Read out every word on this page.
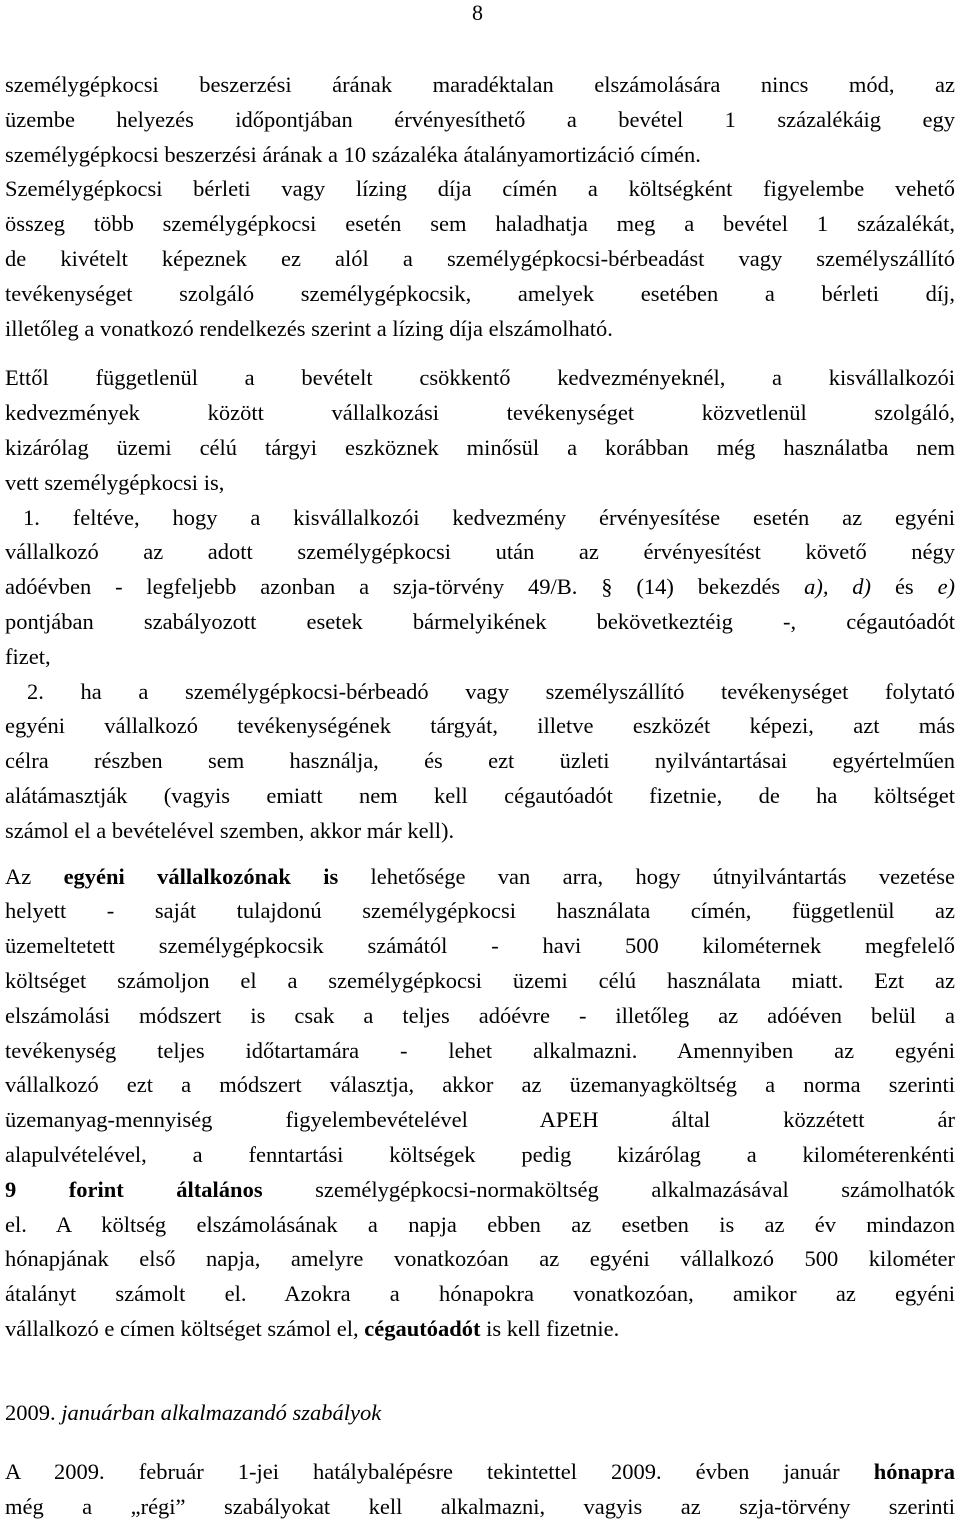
8

személygépkocsi beszerzési árának maradéktalan elszámolására nincs mód, az

üzembe helyezés időpontjában érvényesíthető a bevétel 1 százalékáig egy

személygépkocsi beszerzési árának a 10 százaléka átalányamortizáció címén.

Személygépkocsi bérleti vagy lízing díja címén a költségként figyelembe vehető

összeg több személygépkocsi esetén sem haladhatja meg a bevétel 1 százalékát,

de kivételt képeznek ez alól a személygépkocsi-bérbeadást vagy személyszállító

tevékenységet szolgáló személygépkocsik, amelyek esetében a bérleti díj,

illetőleg a vonatkozó rendelkezés szerint a lízing díja elszámolható.

Ettől függetlenül a bevételt csökkentő kedvezményeknél, a kisvállalkozói

kedvezmények között vállalkozási tevékenységet közvetlenül szolgáló,

kizárólag üzemi célú tárgyi eszköznek minősül a korábban még használatba nem

vett személygépkocsi is,

1. feltéve, hogy a kisvállalkozói kedvezmény érvényesítése esetén az egyéni

vállalkozó az adott személygépkocsi után az érvényesítést követő négy

adóévben - legfeljebb azonban a szja-törvény 49/B. § (14) bekezdés a), d) és e)

pontjában szabályozott esetek bármelyikének bekövetkeztéig -, cégautóadót

fizet,

2. ha a személygépkocsi-bérbeadó vagy személyszállító tevékenységet folytató

egyéni vállalkozó tevékenységének tárgyát, illetve eszközét képezi, azt más

célra részben sem használja, és ezt üzleti nyilvántartásai egyértelműen

alátámasztják (vagyis emiatt nem kell cégautóadót fizetnie, de ha költséget

számol el a bevételével szemben, akkor már kell).

Az egyéni vállalkozónak is lehetősége van arra, hogy útnyilvántartás vezetése

helyett - saját tulajdonú személygépkocsi használata címén, függetlenül az

üzemeltetett személygépkocsik számától - havi 500 kilométernek megfelelő

költséget számoljon el a személygépkocsi üzemi célú használata miatt. Ezt az

elszámolási módszert is csak a teljes adóévre - illetőleg az adóéven belül a

tevékenység teljes időtartamára - lehet alkalmazni. Amennyiben az egyéni

vállalkozó ezt a módszert választja, akkor az üzemanyagköltség a norma szerinti

üzemanyag-mennyiség figyelembevételével APEH által közzétett ár

alapulvételével, a fenntartási költségek pedig kizárólag a kilométerenkénti

9 forint általános személygépkocsi-normaköltség alkalmazásával számolhatók

el. A költség elszámolásának a napja ebben az esetben is az év mindazon

hónapjának első napja, amelyre vonatkozóan az egyéni vállalkozó 500 kilométer

átalányt számolt el. Azokra a hónapokra vonatkozóan, amikor az egyéni

vállalkozó e címen költséget számol el, cégautóadót is kell fizetnie.

2009. januárban alkalmazandó szabályok

A 2009. február 1-jei hatálybalépésre tekintettel 2009. évben január hónapra

még a „régi” szabályokat kell alkalmazni, vagyis az szja-törvény szerinti
